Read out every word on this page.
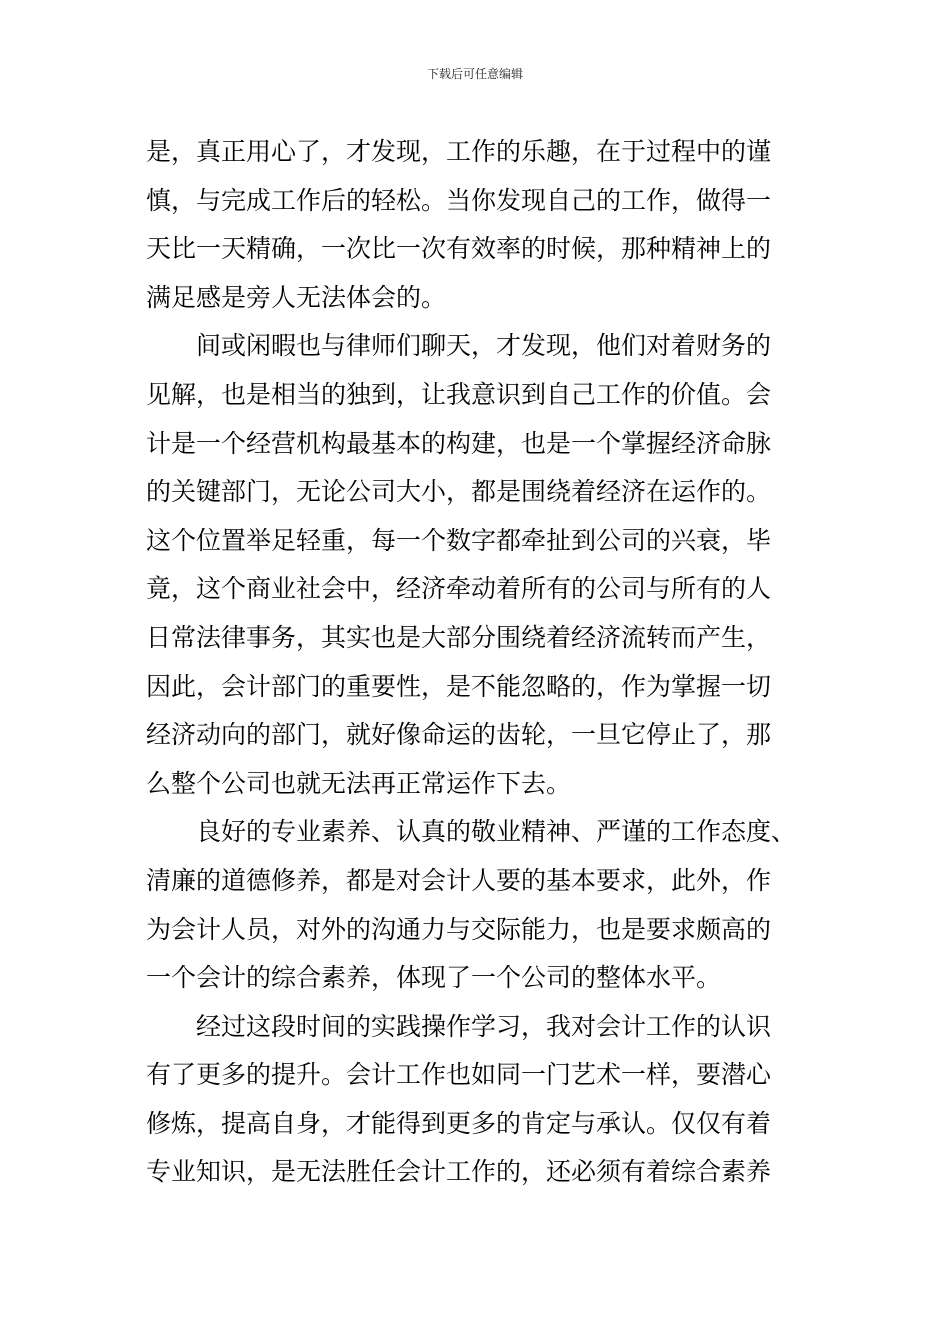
下载后可任意编辑
是，真正用心了，才发现，工作的乐趣，在于过程中的谨
慎，与完成工作后的轻松。当你发现自己的工作，做得一
天比一天精确，一次比一次有效率的时候，那种精神上的
满足感是旁人无法体会的。
间或闲暇也与律师们聊天，才发现，他们对着财务的
见解，也是相当的独到，让我意识到自己工作的价值。会
计是一个经营机构最基本的构建，也是一个掌握经济命脉
的关键部门，无论公司大小，都是围绕着经济在运作的。
这个位置举足轻重，每一个数字都牵扯到公司的兴衰，毕
竟，这个商业社会中，经济牵动着所有的公司与所有的人
日常法律事务，其实也是大部分围绕着经济流转而产生，
因此，会计部门的重要性，是不能忽略的，作为掌握一切
经济动向的部门，就好像命运的齿轮，一旦它停止了，那
么整个公司也就无法再正常运作下去。
良好的专业素养、认真的敬业精神、严谨的工作态度、
清廉的道德修养，都是对会计人要的基本要求，此外，作
为会计人员，对外的沟通力与交际能力，也是要求颇高的
一个会计的综合素养，体现了一个公司的整体水平。
经过这段时间的实践操作学习，我对会计工作的认识
有了更多的提升。会计工作也如同一门艺术一样，要潜心
修炼，提高自身，才能得到更多的肯定与承认。仅仅有着
专业知识，是无法胜任会计工作的，还必须有着综合素养
